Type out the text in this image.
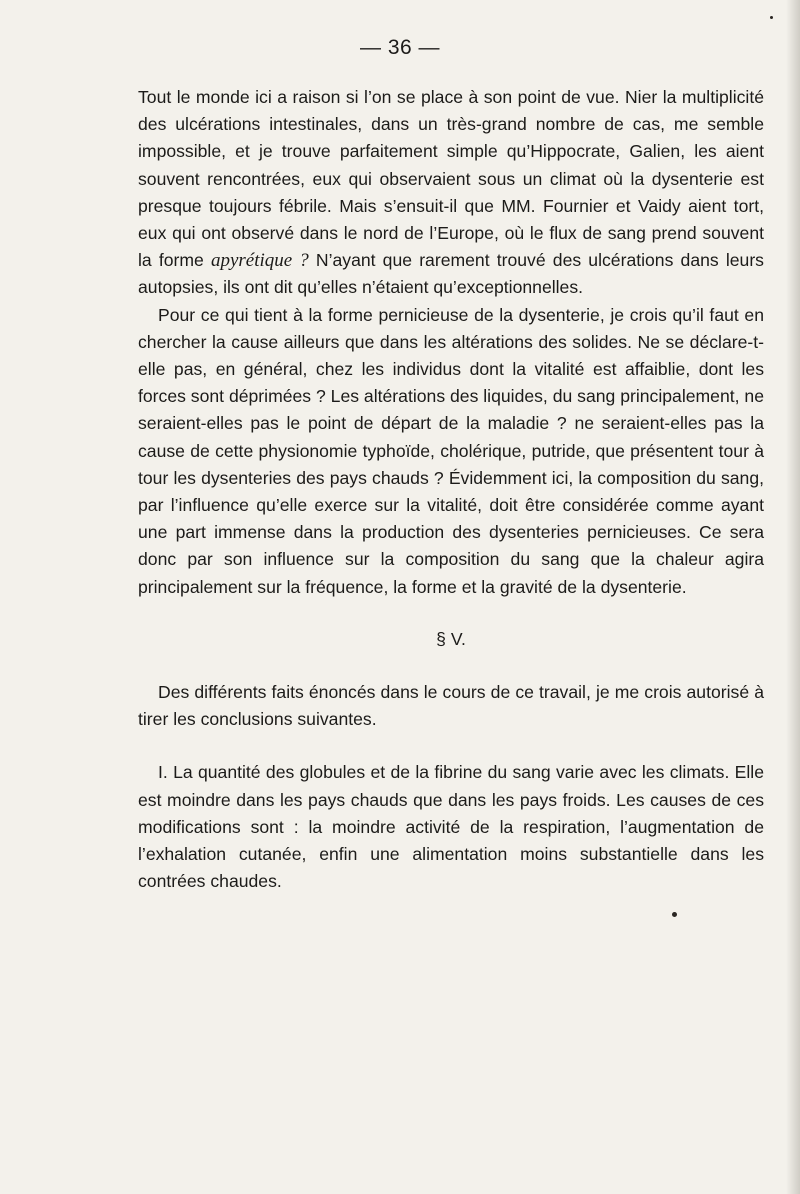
— 36 —

Tout le monde ici a raison si l’on se place à son point de vue. Nier la multiplicité des ulcérations intestinales, dans un très-grand nombre de cas, me semble impossible, et je trouve parfaitement simple qu’Hippocrate, Galien, les aient souvent rencontrées, eux qui observaient sous un climat où la dysenterie est presque toujours fébrile. Mais s’ensuit-il que MM. Fournier et Vaidy aient tort, eux qui ont observé dans le nord de l’Europe, où le flux de sang prend souvent la forme apyrétique ? N’ayant que rarement trouvé des ulcérations dans leurs autopsies, ils ont dit qu’elles n’étaient qu’exceptionnelles.

Pour ce qui tient à la forme pernicieuse de la dysenterie, je crois qu’il faut en chercher la cause ailleurs que dans les altérations des solides. Ne se déclare-t-elle pas, en général, chez les individus dont la vitalité est affaiblie, dont les forces sont déprimées ? Les altérations des liquides, du sang principalement, ne seraient-elles pas le point de départ de la maladie ? ne seraient-elles pas la cause de cette physionomie typhoïde, cholérique, putride, que présentent tour à tour les dysenteries des pays chauds ? Évidemment ici, la composition du sang, par l’influence qu’elle exerce sur la vitalité, doit être considérée comme ayant une part immense dans la production des dysenteries pernicieuses. Ce sera donc par son influence sur la composition du sang que la chaleur agira principalement sur la fréquence, la forme et la gravité de la dysenterie.

§ V.

Des différents faits énoncés dans le cours de ce travail, je me crois autorisé à tirer les conclusions suivantes.

I. La quantité des globules et de la fibrine du sang varie avec les climats. Elle est moindre dans les pays chauds que dans les pays froids. Les causes de ces modifications sont : la moindre activité de la respiration, l’augmentation de l’exhalation cutanée, enfin une alimentation moins substantielle dans les contrées chaudes.
